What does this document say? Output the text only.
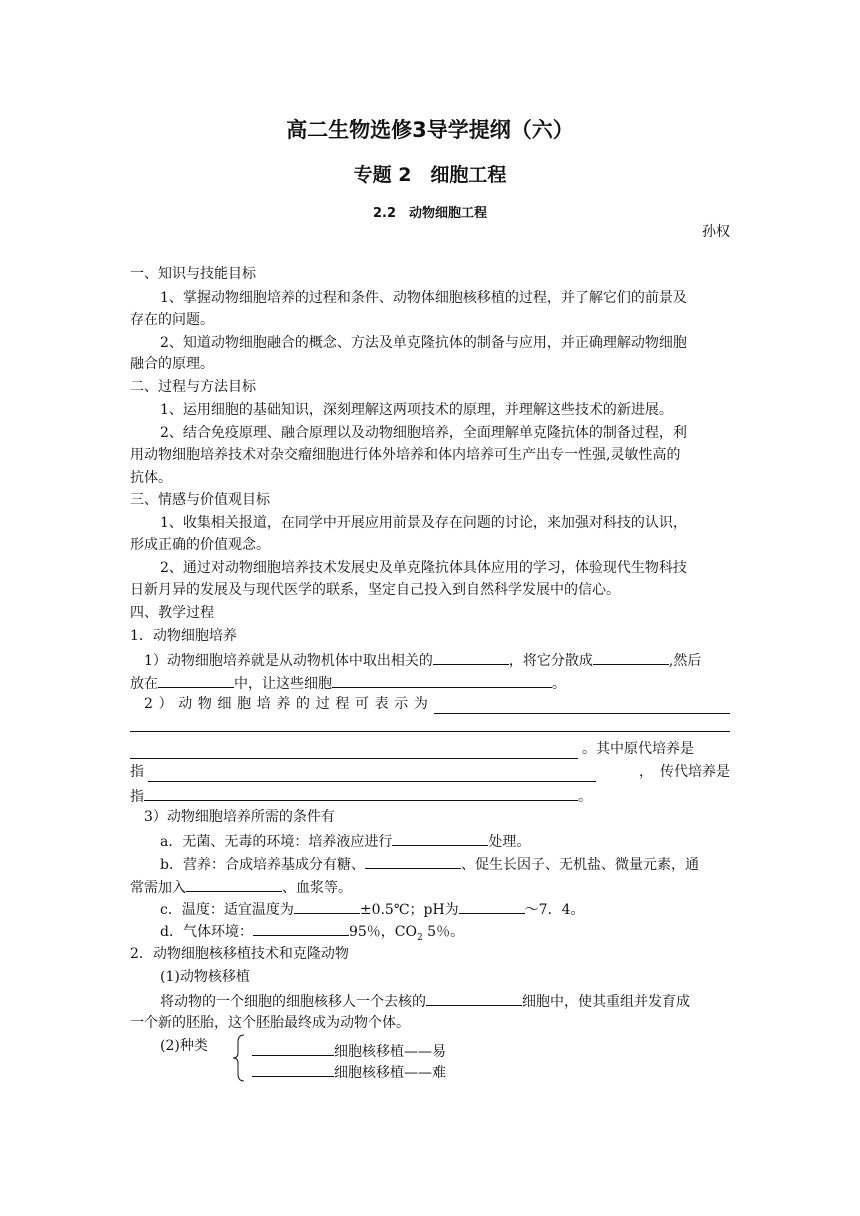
高二生物选修3导学提纲（六）
专题 2　细胞工程
2.2　动物细胞工程
孙权
一、知识与技能目标
1、掌握动物细胞培养的过程和条件、动物体细胞核移植的过程，并了解它们的前景及
存在的问题。
2、知道动物细胞融合的概念、方法及单克隆抗体的制备与应用，并正确理解动物细胞
融合的原理。
二、过程与方法目标
1、运用细胞的基础知识，深刻理解这两项技术的原理，并理解这些技术的新进展。
2、结合免疫原理、融合原理以及动物细胞培养，全面理解单克隆抗体的制备过程，利
用动物细胞培养技术对杂交瘤细胞进行体外培养和体内培养可生产出专一性强,灵敏性高的
抗体。
三、情感与价值观目标
1、收集相关报道，在同学中开展应用前景及存在问题的讨论，来加强对科技的认识，
形成正确的价值观念。
2、通过对动物细胞培养技术发展史及单克隆抗体具体应用的学习，体验现代生物科技
日新月异的发展及与现代医学的联系，坚定自己投入到自然科学发展中的信心。
四、教学过程
1．动物细胞培养
1）动物细胞培养就是从动物机体中取出相关的	，将它分散成	,然后
放在	中，让这些细胞	。
2 ） 动 物 细 胞 培 养 的 过 程 可 表 示 为
。其中原代培养是
指	，　传代培养是
指	。
3）动物细胞培养所需的条件有
a．无菌、无毒的环境：培养液应进行	处理。
b．营养：合成培养基成分有糖、	、促生长因子、无机盐、微量元素，通
常需加入	、血浆等。
c．温度：适宜温度为	±0.5℃；pH为	～7．4。
d．气体环境：	95％，$CO_2$ 5％。
2．动物细胞核移植技术和克隆动物
(1)动物核移植
将动物的一个细胞的细胞核移人一个去核的	细胞中，使其重组并发育成
一个新的胚胎，这个胚胎最终成为动物个体。
(2)种类	细胞核移植——易
细胞核移植——难
